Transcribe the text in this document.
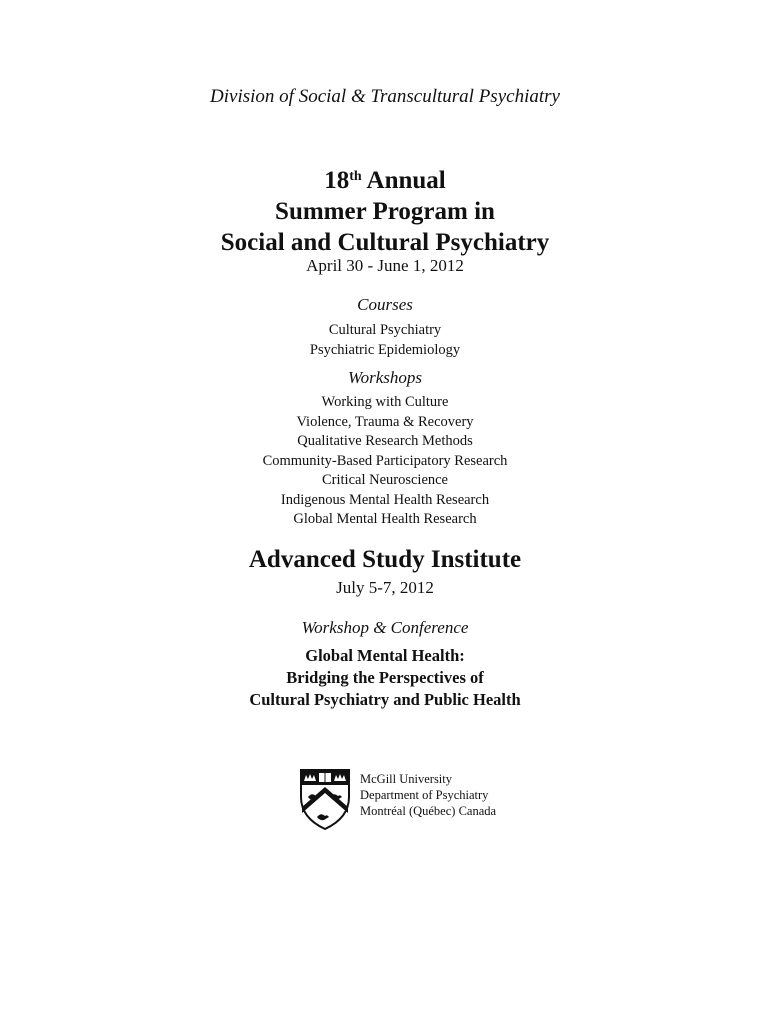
Division of Social & Transcultural Psychiatry
18th Annual
Summer Program in
Social and Cultural Psychiatry
April 30 - June 1, 2012
Courses
Cultural Psychiatry
Psychiatric Epidemiology
Workshops
Working with Culture
Violence, Trauma & Recovery
Qualitative Research Methods
Community-Based Participatory Research
Critical Neuroscience
Indigenous Mental Health Research
Global Mental Health Research
Advanced Study Institute
July 5-7, 2012
Workshop & Conference
Global Mental Health:
Bridging the Perspectives of
Cultural Psychiatry and Public Health
McGill University
Department of Psychiatry
Montréal (Québec) Canada
